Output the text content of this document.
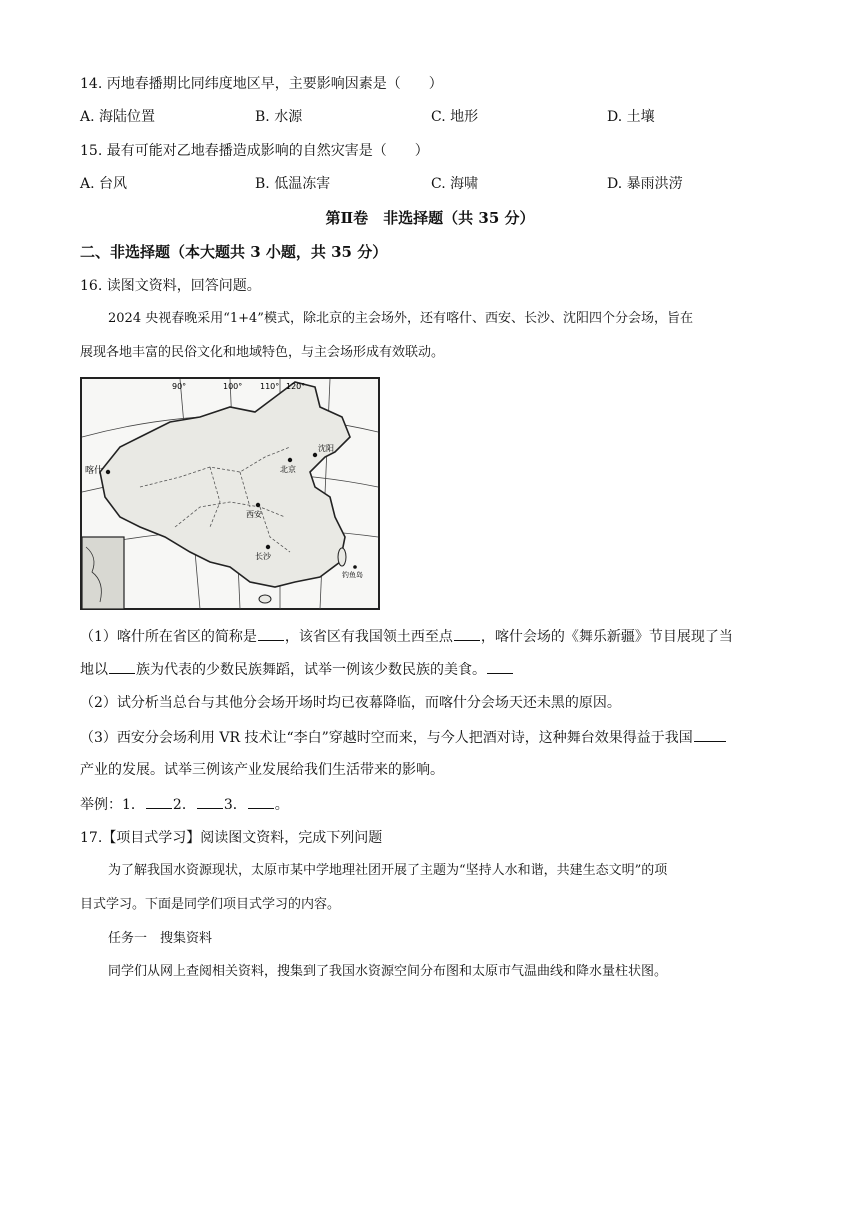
14. 丙地春播期比同纬度地区早，主要影响因素是（　　）
A. 海陆位置	B. 水源	C. 地形	D. 土壤
15. 最有可能对乙地春播造成影响的自然灾害是（　　）
A. 台风	B. 低温冻害	C. 海啸	D. 暴雨洪涝
第Ⅱ卷　非选择题（共 35 分）
二、非选择题（本大题共 3 小题，共 35 分）
16. 读图文资料，回答问题。
2024 央视春晚采用“1+4”模式，除北京的主会场外，还有喀什、西安、长沙、沈阳四个分会场，旨在
展现各地丰富的民俗文化和地域特色，与主会场形成有效联动。
90°	100° 110° 120°
喀什
沈阳
北京
西安
长沙
钓鱼岛
（1）喀什所在省区的简称是 ，该省区有我国领土西至点 ，喀什会场的《舞乐新疆》节目展现了当
地以 族为代表的少数民族舞蹈，试举一例该少数民族的美食。
（2）试分析当总台与其他分会场开场时均已夜幕降临，而喀什分会场天还未黑的原因。
（3）西安分会场利用 VR 技术让“李白”穿越时空而来，与今人把酒对诗，这种舞台效果得益于我国
产业的发展。试举三例该产业发展给我们生活带来的影响。
举例：1． 2． 3． 。
17.【项目式学习】阅读图文资料，完成下列问题
为了解我国水资源现状，太原市某中学地理社团开展了主题为“坚持人水和谐，共建生态文明”的项
目式学习。下面是同学们项目式学习的内容。
任务一　搜集资料
同学们从网上查阅相关资料，搜集到了我国水资源空间分布图和太原市气温曲线和降水量柱状图。
